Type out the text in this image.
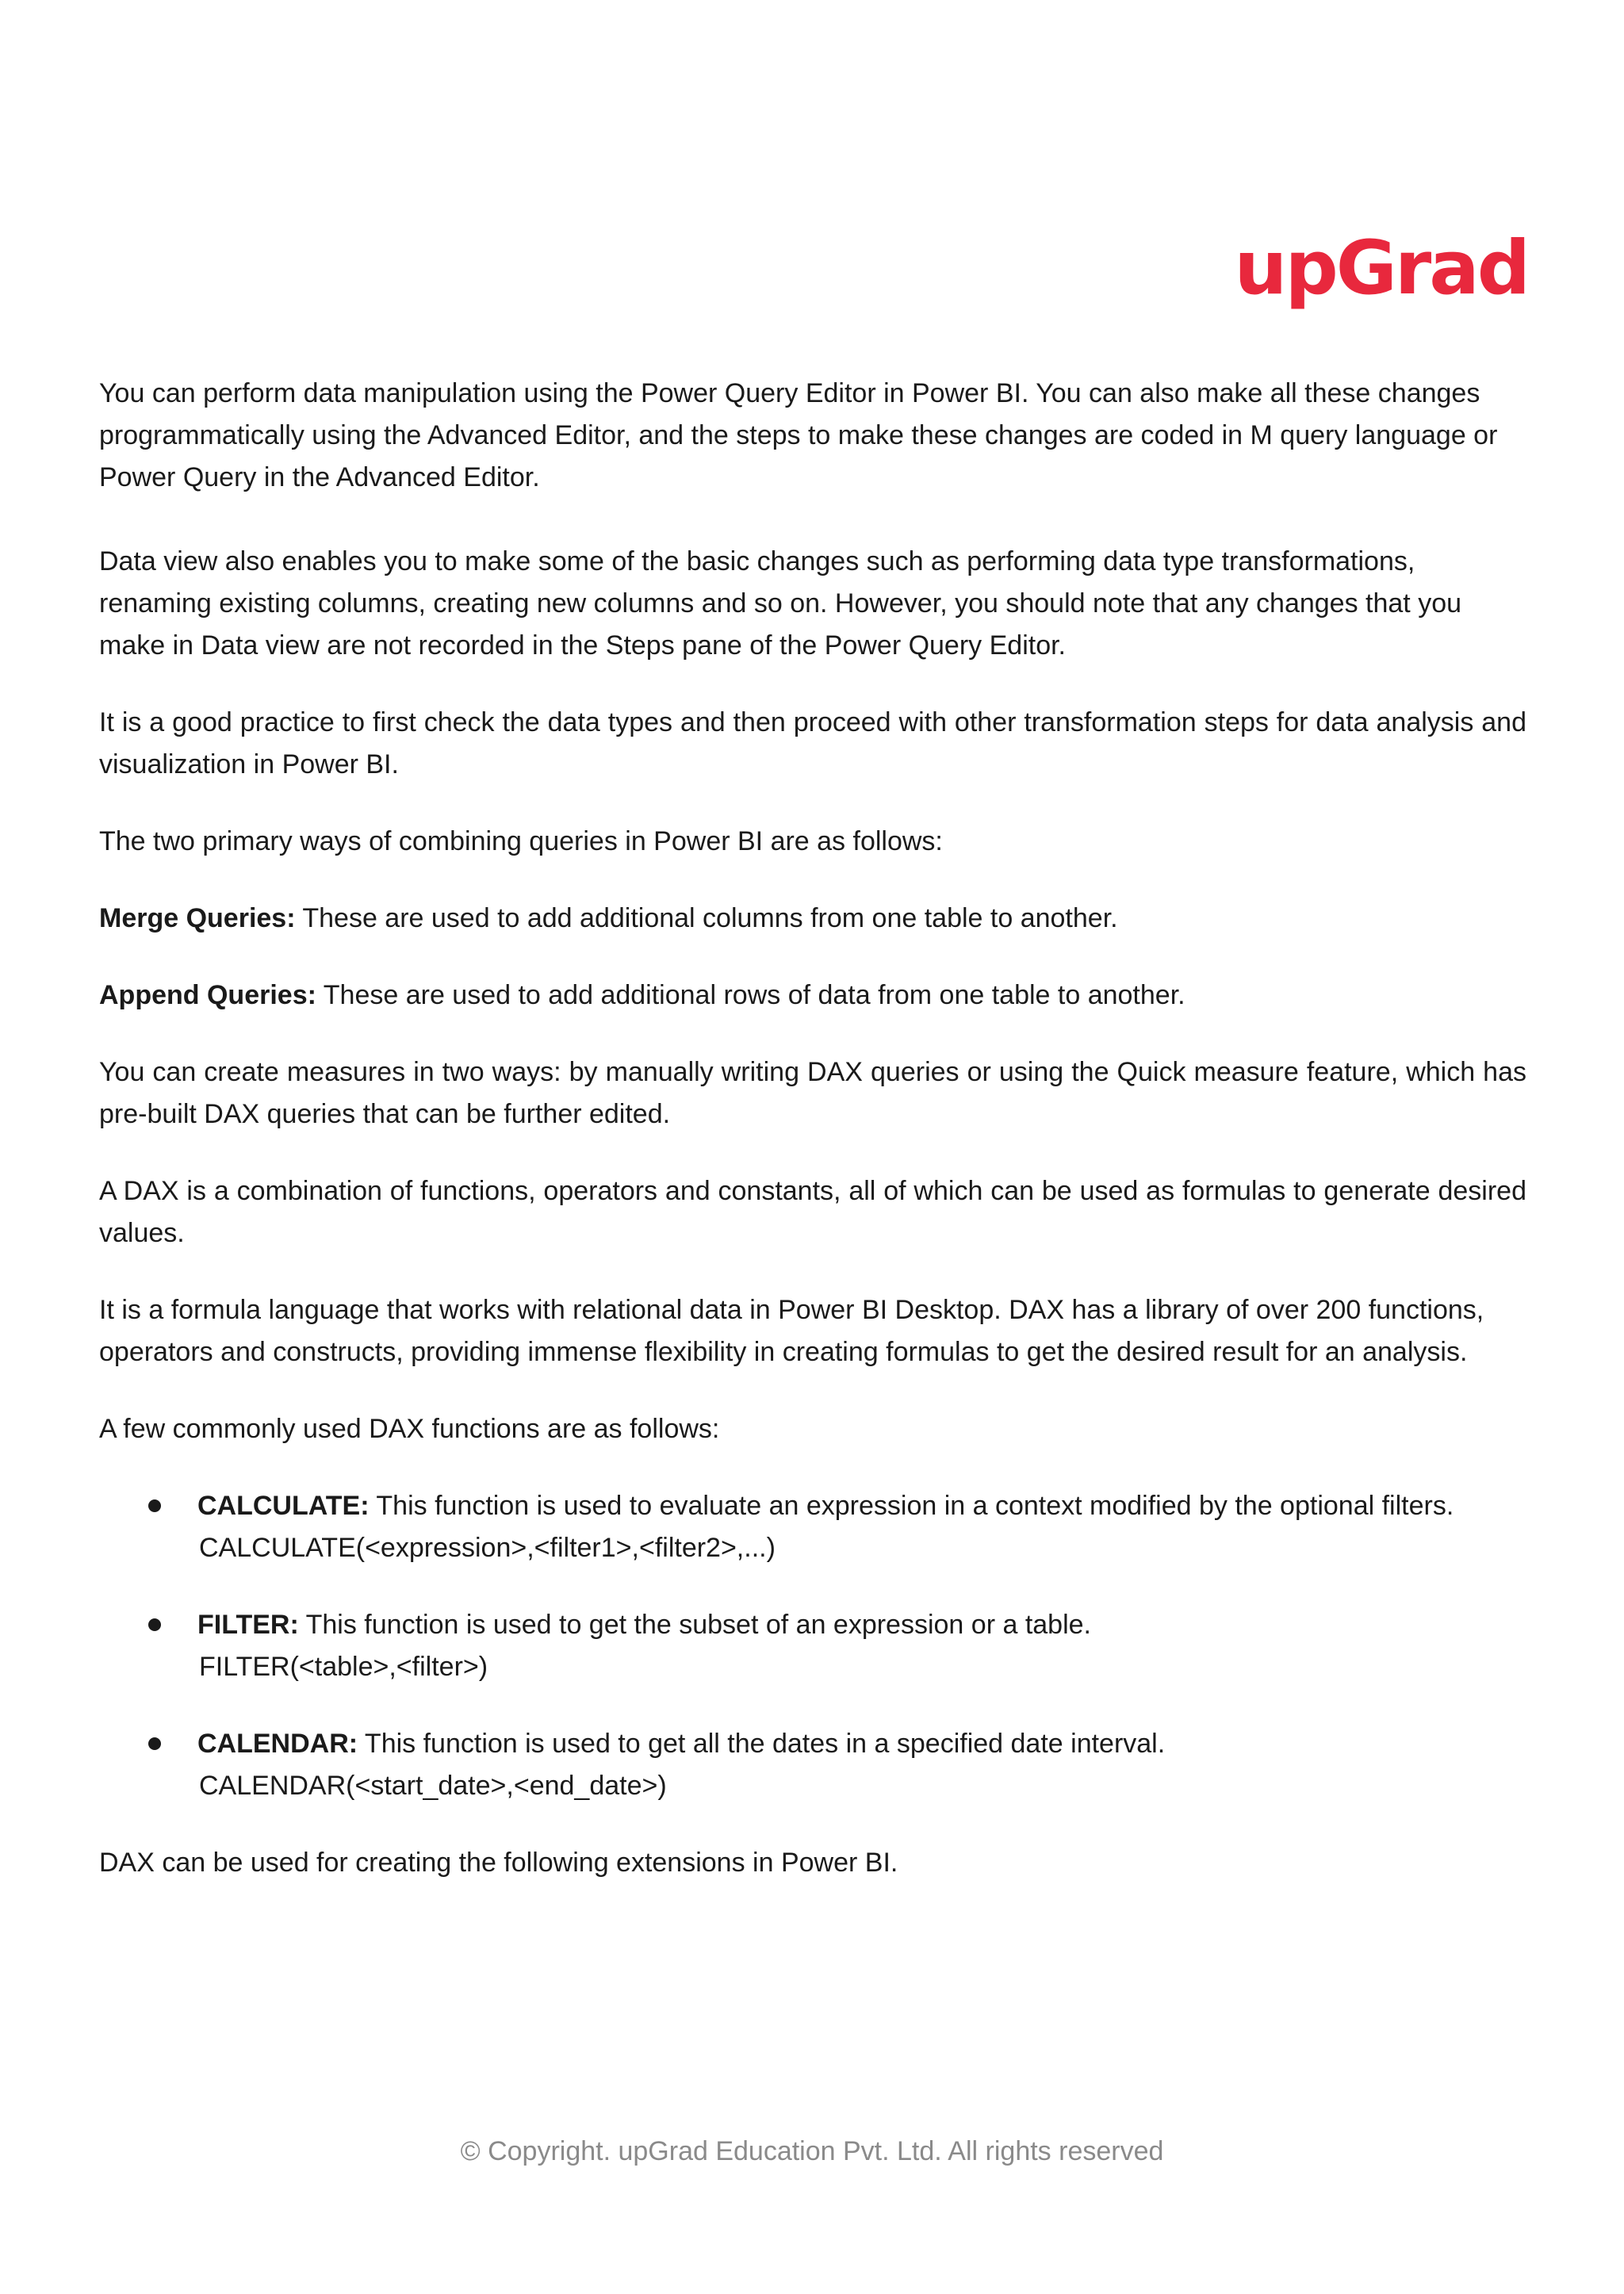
upGrad

You can perform data manipulation using the Power Query Editor in Power BI. You can also make all these changes programmatically using the Advanced Editor, and the steps to make these changes are coded in M query language or Power Query in the Advanced Editor.

Data view also enables you to make some of the basic changes such as performing data type transformations, renaming existing columns, creating new columns and so on. However, you should note that any changes that you make in Data view are not recorded in the Steps pane of the Power Query Editor.

It is a good practice to first check the data types and then proceed with other transformation steps for data analysis and visualization in Power BI.

The two primary ways of combining queries in Power BI are as follows:

Merge Queries: These are used to add additional columns from one table to another.

Append Queries: These are used to add additional rows of data from one table to another.

You can create measures in two ways: by manually writing DAX queries or using the Quick measure feature, which has pre-built DAX queries that can be further edited.

A DAX is a combination of functions, operators and constants, all of which can be used as formulas to generate desired values.

It is a formula language that works with relational data in Power BI Desktop. DAX has a library of over 200 functions, operators and constructs, providing immense flexibility in creating formulas to get the desired result for an analysis.

A few commonly used DAX functions are as follows:

CALCULATE: This function is used to evaluate an expression in a context modified by the optional filters.

CALCULATE(<expression>,<filter1>,<filter2>,...)

FILTER: This function is used to get the subset of an expression or a table.

FILTER(<table>,<filter>)

CALENDAR: This function is used to get all the dates in a specified date interval.

CALENDAR(<start_date>,<end_date>)

DAX can be used for creating the following extensions in Power BI.

© Copyright. upGrad Education Pvt. Ltd. All rights reserved
